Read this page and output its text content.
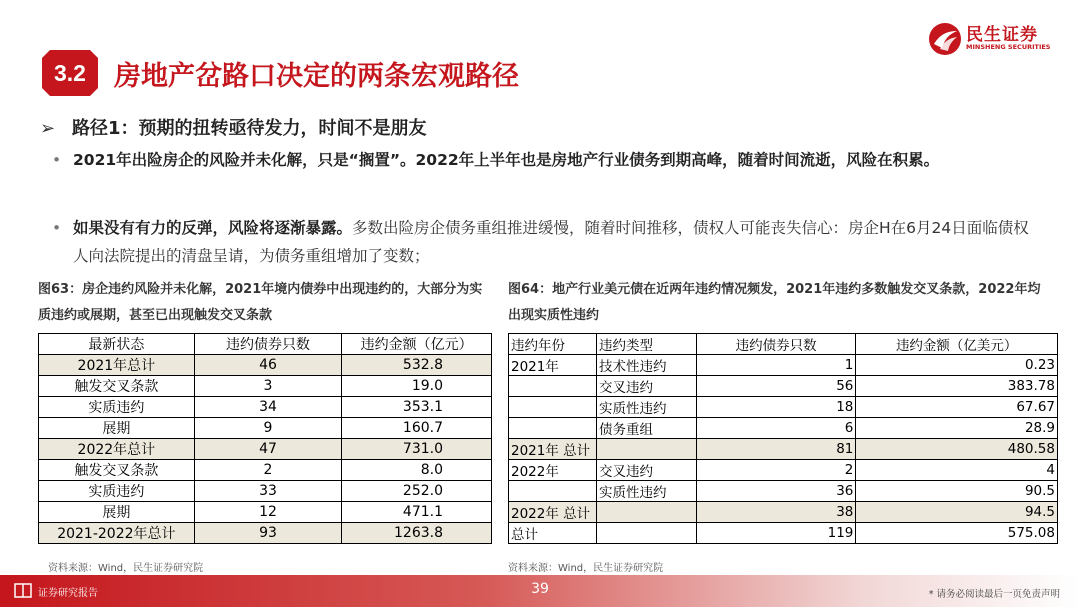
民生证券
MINSHENG SECURITIES
3.2	房地产岔路口决定的两条宏观路径
➢ 路径1：预期的扭转亟待发力，时间不是朋友
• 2021年出险房企的风险并未化解，只是“搁置”。2022年上半年也是房地产行业债务到期高峰，随着时间流逝，风险在积累。
• 如果没有有力的反弹，风险将逐渐暴露。多数出险房企债务重组推进缓慢，随着时间推移，债权人可能丧失信心：房企H在6月24日面临债权人向法院提出的清盘呈请，为债务重组增加了变数；
图63：房企违约风险并未化解，2021年境内债券中出现违约的，大部分为实质违约或展期，甚至已出现触发交叉条款
图64：地产行业美元债在近两年违约情况频发，2021年违约多数触发交叉条款，2022年均出现实质性违约
最新状态	违约债券只数	违约金额（亿元）
2021年总计	46	532.8
触发交叉条款	3	19.0
实质违约	34	353.1
展期	9	160.7
2022年总计	47	731.0
触发交叉条款	2	8.0
实质违约	33	252.0
展期	12	471.1
2021-2022年总计	93	1263.8
违约年份	违约类型	违约债券只数	违约金额（亿美元）
2021年	技术性违约	1	0.23
	交叉违约	56	383.78
	实质性违约	18	67.67
	债务重组	6	28.9
2021年 总计		81	480.58
2022年	交叉违约	2	4
	实质性违约	36	90.5
2022年 总计		38	94.5
总计		119	575.08
资料来源：Wind，民生证券研究院	资料来源：Wind，民生证券研究院
证券研究报告	39	* 请务必阅读最后一页免责声明
